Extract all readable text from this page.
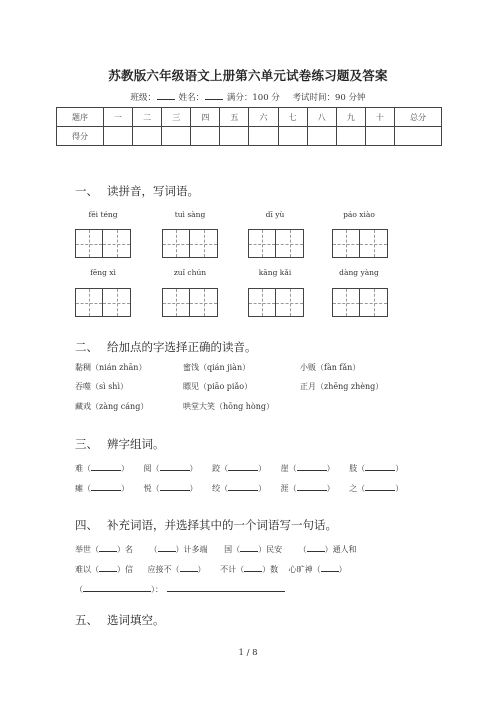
苏教版六年级语文上册第六单元试卷练习题及答案
班级：	姓名：	满分：100 分 考试时间：90 分钟
题序	一	二	三	四	五	六	七	八	九	十	总分
得分											
一、 读拼音，写词语。
fēi téng	tuì sàng	dī yù	páo xiào
fēng xì	zuǐ chún	kāng kǎi	dàng yàng
二、 给加点的字选择正确的读音。
黏稠（nián zhān）	蜜饯（qián jiàn）	小贩（fàn fǎn）
吞噬（sì shì）	瞟见（piāo piǎo）	正月（zhēng zhèng）
藏戏（zàng cáng）	哄堂大笑（hōng hòng）
三、 辨字组词。
难（	） 阅（	） 跤（	） 崖（	） 肢（	）
瘫（	） 悦（	） 绞（	） 涯（	） 之（	）
四、 补充词语，并选择其中的一个词语写一句话。
举世（ ）名 （ ）计多端 国（ ）民安 （ ）通人和
难以（ ）信 应接不（ ） 不计（ ）数 心旷神（ ）
（	）：
五、 选词填空。
1 / 8
